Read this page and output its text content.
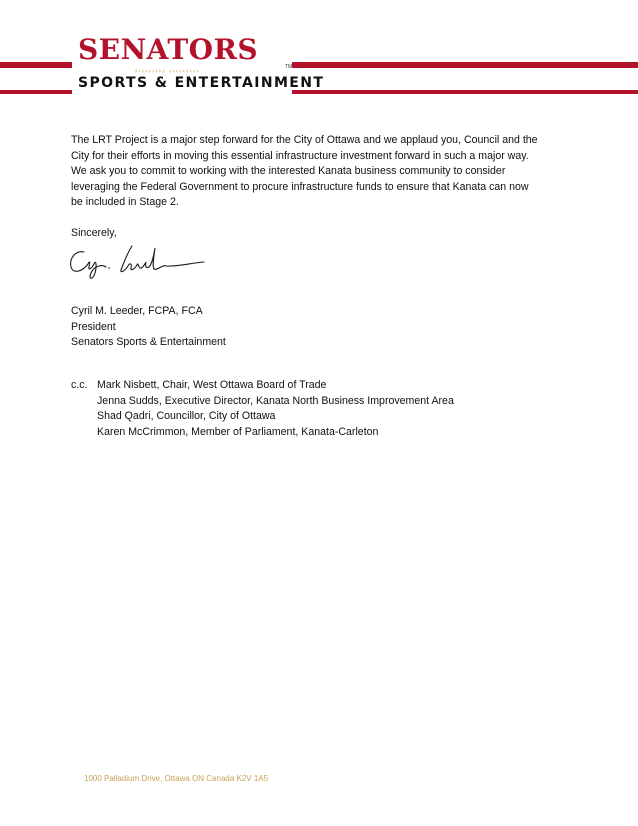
SENATORS
››››››››› ‹‹‹‹‹‹‹‹‹
SPORTS & ENTERTAINMENT
TM
The LRT Project is a major step forward for the City of Ottawa and we applaud you, Council and the
City for their efforts in moving this essential infrastructure investment forward in such a major way.
We ask you to commit to working with the interested Kanata business community to consider
leveraging the Federal Government to procure infrastructure funds to ensure that Kanata can now
be included in Stage 2.
Sincerely,
Cyril M. Leeder, FCPA, FCA
President
Senators Sports & Entertainment
c.c. Mark Nisbett, Chair, West Ottawa Board of Trade
Jenna Sudds, Executive Director, Kanata North Business Improvement Area
Shad Qadri, Councillor, City of Ottawa
Karen McCrimmon, Member of Parliament, Kanata-Carleton
1000 Palladium Drive, Ottawa ON Canada K2V 1A5
